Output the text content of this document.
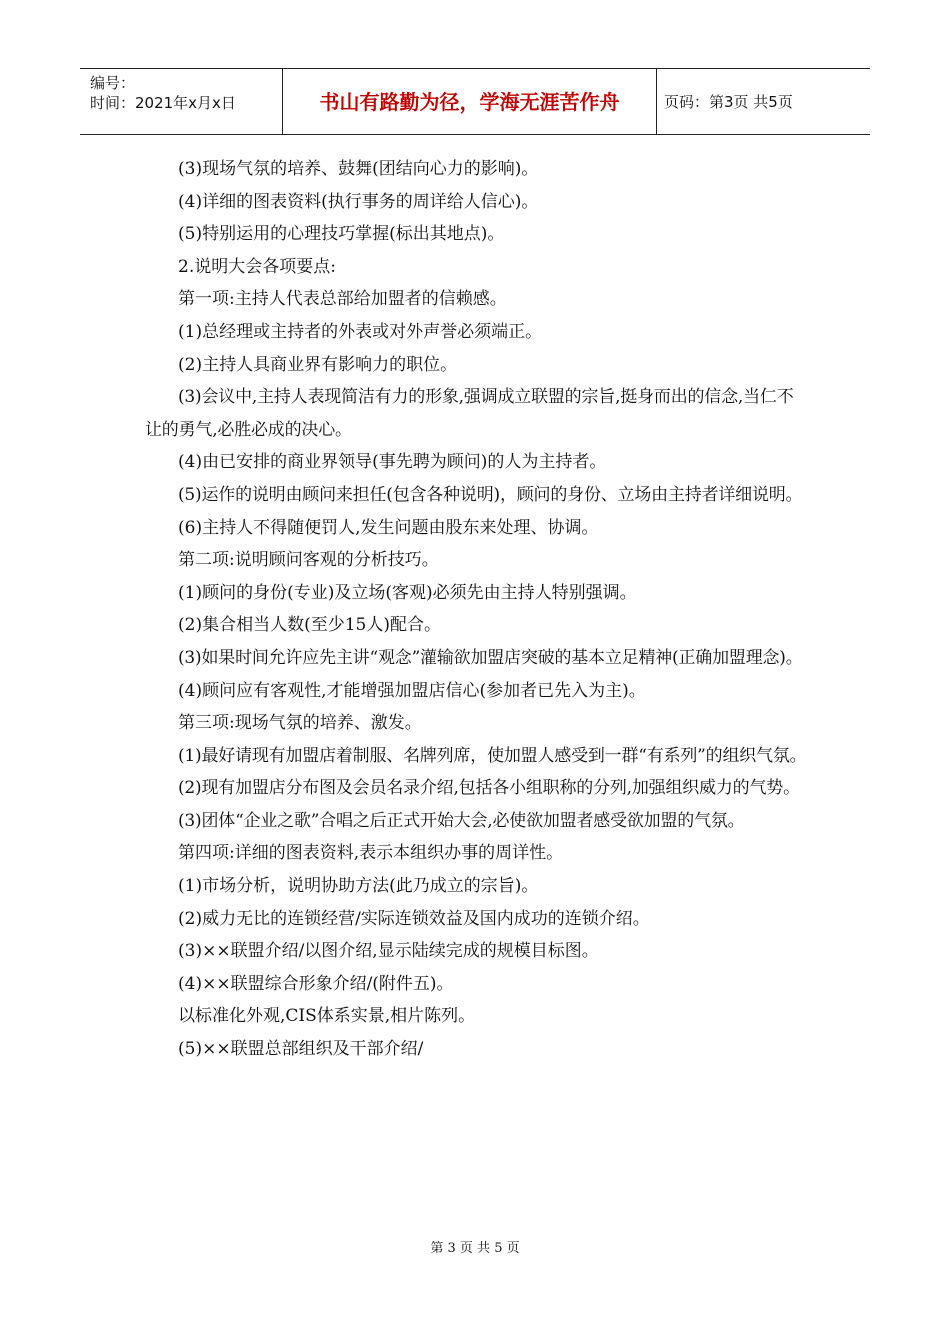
编号：
时间：2021年x月x日	书山有路勤为径，学海无涯苦作舟	页码：第3页 共5页

(3)现场气氛的培养、鼓舞(团结向心力的影响)。

(4)详细的图表资料(执行事务的周详给人信心)。

(5)特别运用的心理技巧掌握(标出其地点)。

2.说明大会各项要点:

第一项:主持人代表总部给加盟者的信赖感。

(1)总经理或主持者的外表或对外声誉必须端正。

(2)主持人具商业界有影响力的职位。

(3)会议中,主持人表现简洁有力的形象,强调成立联盟的宗旨,挺身而出的信念,当仁不让的勇气,必胜必成的决心。

(4)由已安排的商业界领导(事先聘为顾问)的人为主持者。

(5)运作的说明由顾问来担任(包含各种说明)，顾问的身份、立场由主持者详细说明。

(6)主持人不得随便罚人,发生问题由股东来处理、协调。

第二项:说明顾问客观的分析技巧。

(1)顾问的身份(专业)及立场(客观)必须先由主持人特别强调。

(2)集合相当人数(至少15人)配合。

(3)如果时间允许应先主讲“观念”灌输欲加盟店突破的基本立足精神(正确加盟理念)。

(4)顾问应有客观性,才能增强加盟店信心(参加者已先入为主)。

第三项:现场气氛的培养、激发。

(1)最好请现有加盟店着制服、名牌列席，使加盟人感受到一群“有系列”的组织气氛。

(2)现有加盟店分布图及会员名录介绍,包括各小组职称的分列,加强组织威力的气势。

(3)团体“企业之歌”合唱之后正式开始大会,必使欲加盟者感受欲加盟的气氛。

第四项:详细的图表资料,表示本组织办事的周详性。

(1)市场分析，说明协助方法(此乃成立的宗旨)。

(2)威力无比的连锁经营/实际连锁效益及国内成功的连锁介绍。

(3)××联盟介绍/以图介绍,显示陆续完成的规模目标图。

(4)××联盟综合形象介绍/(附件五)。

以标准化外观,CIS体系实景,相片陈列。

(5)××联盟总部组织及干部介绍/

第 3 页 共 5 页
